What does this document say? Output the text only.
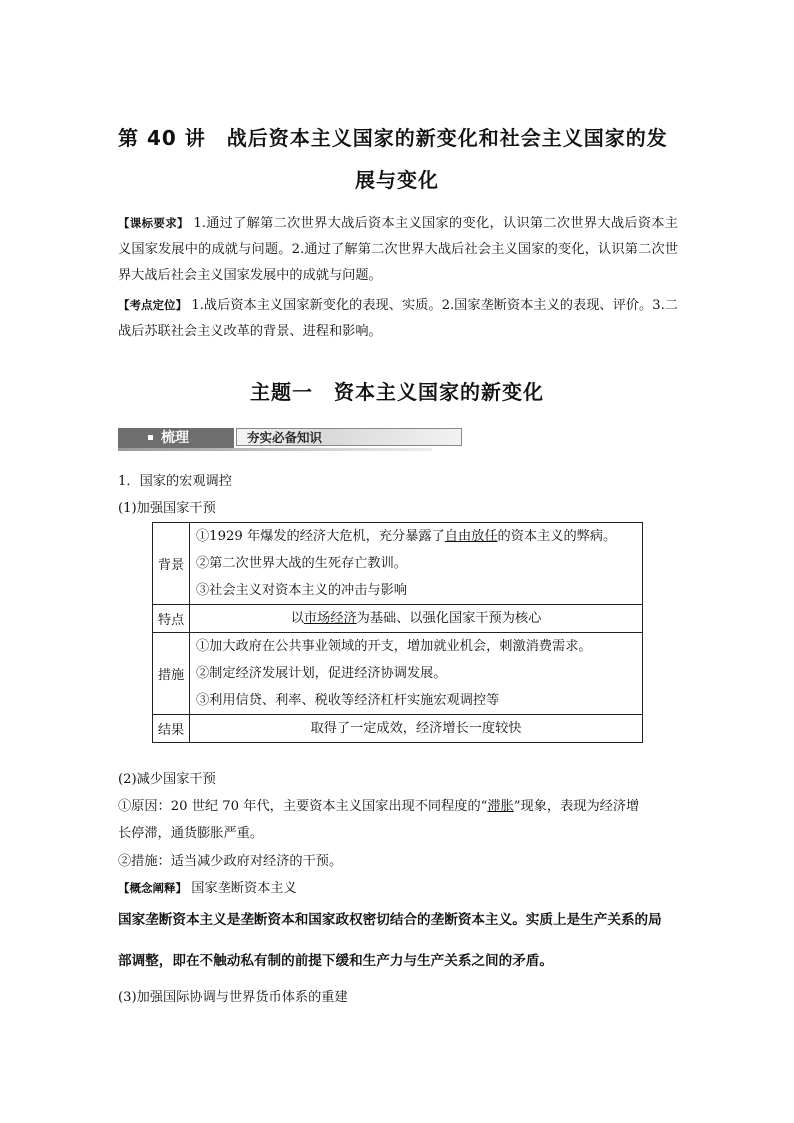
第 40 讲　战后资本主义国家的新变化和社会主义国家的发
展与变化
【课标要求】 1.通过了解第二次世界大战后资本主义国家的变化，认识第二次世界大战后资本主义国家发展中的成就与问题。2.通过了解第二次世界大战后社会主义国家的变化，认识第二次世界大战后社会主义国家发展中的成就与问题。
【考点定位】 1.战后资本主义国家新变化的表现、实质。2.国家垄断资本主义的表现、评价。3.二战后苏联社会主义改革的背景、进程和影响。
主题一　资本主义国家的新变化
梳理	夯实必备知识
1．国家的宏观调控
(1)加强国家干预
背景	①1929 年爆发的经济大危机，充分暴露了自由放任的资本主义的弊病。
②第二次世界大战的生死存亡教训。
③社会主义对资本主义的冲击与影响

特点	以市场经济为基础、以强化国家干预为核心

措施	①加大政府在公共事业领域的开支，增加就业机会，刺激消费需求。
②制定经济发展计划，促进经济协调发展。
③利用信贷、利率、税收等经济杠杆实施宏观调控等

结果	取得了一定成效，经济增长一度较快
(2)减少国家干预
①原因：20 世纪 70 年代，主要资本主义国家出现不同程度的“滞胀”现象，表现为经济增
长停滞，通货膨胀严重。
②措施：适当减少政府对经济的干预。
【概念阐释】 国家垄断资本主义
国家垄断资本主义是垄断资本和国家政权密切结合的垄断资本主义。实质上是生产关系的局
部调整，即在不触动私有制的前提下缓和生产力与生产关系之间的矛盾。
(3)加强国际协调与世界货币体系的重建
